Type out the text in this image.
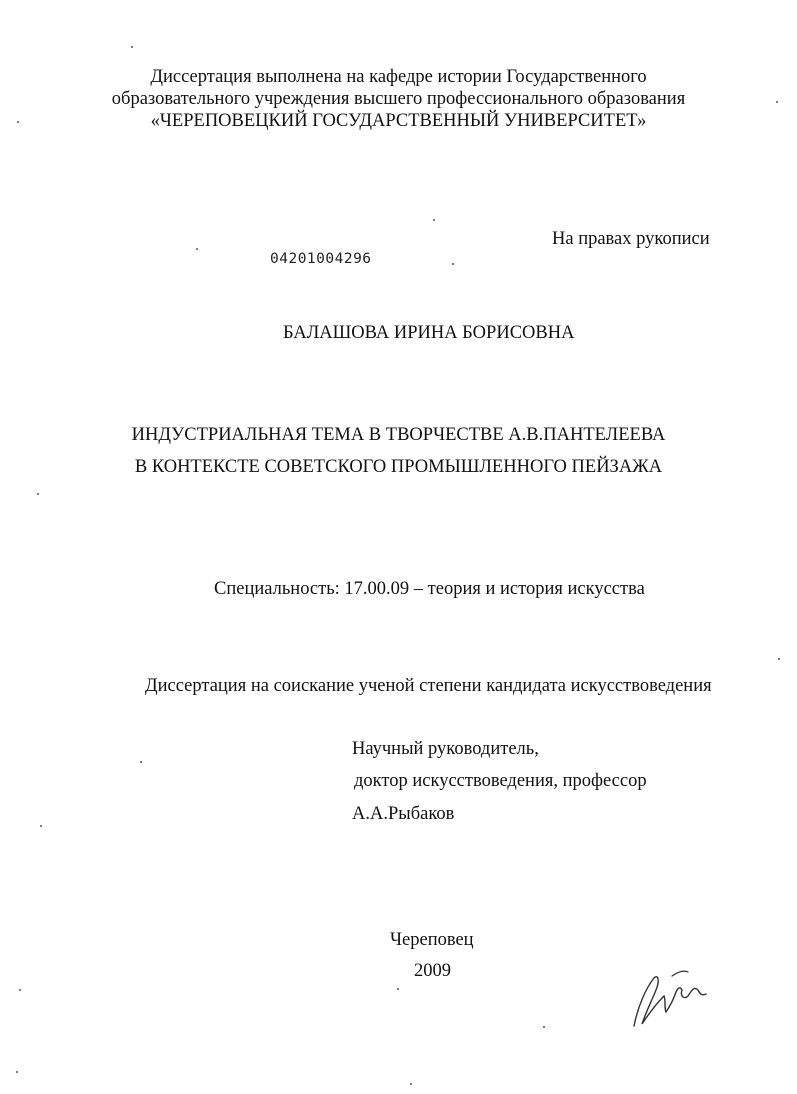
Диссертация выполнена на кафедре истории Государственного
образовательного учреждения высшего профессионального образования
«ЧЕРЕПОВЕЦКИЙ ГОСУДАРСТВЕННЫЙ УНИВЕРСИТЕТ»
На правах рукописи
04201004296
БАЛАШОВА ИРИНА БОРИСОВНА
ИНДУСТРИАЛЬНАЯ ТЕМА В ТВОРЧЕСТВЕ А.В.ПАНТЕЛЕЕВА
В КОНТЕКСТЕ СОВЕТСКОГО ПРОМЫШЛЕННОГО ПЕЙЗАЖА
Специальность: 17.00.09 – теория и история искусства
Диссертация на соискание ученой степени кандидата искусствоведения
Научный руководитель,
доктор искусствоведения, профессор
А.А.Рыбаков
Череповец
2009
